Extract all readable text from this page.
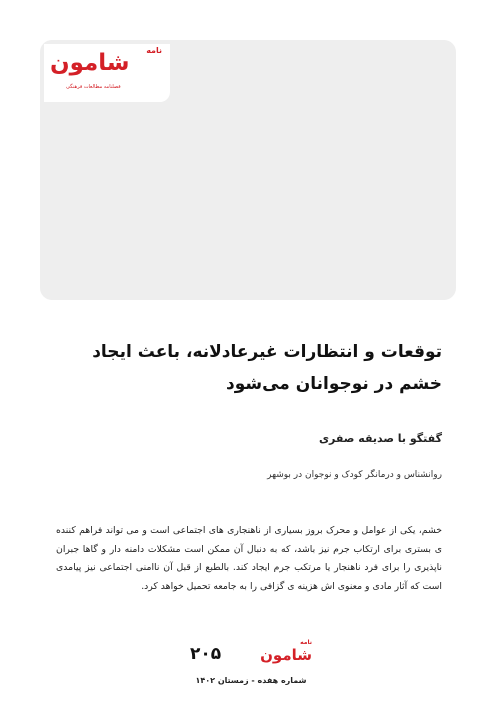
شامون نامه
فصلنامه مطالعات فرهنگی
توقعات و انتظارات غیرعادلانه، باعث ایجاد خشم در نوجوانان می‌شود
گفتگو با صدیقه صفری
روانشناس و درمانگر کودک و نوجوان در بوشهر
خشم، یکی از عوامل و محرک بروز بسیاری از ناهنجاری های اجتماعی است و می تواند فراهم کننده ی بستری برای ارتکاب جرم نیز باشد، که به دنبال آن ممکن است مشکلات دامنه دار و گاها جبران ناپذیری را برای فرد ناهنجار یا مرتکب جرم ایجاد کند. بالطبع از قبل آن ناامنی اجتماعی نیز پیامدی است که آثار مادی و معنوی اش هزینه ی گزافی را به جامعه تحمیل خواهد کرد.
۲۰۵	شامون
نامه
شماره هفده - زمستان ۱۴۰۲
